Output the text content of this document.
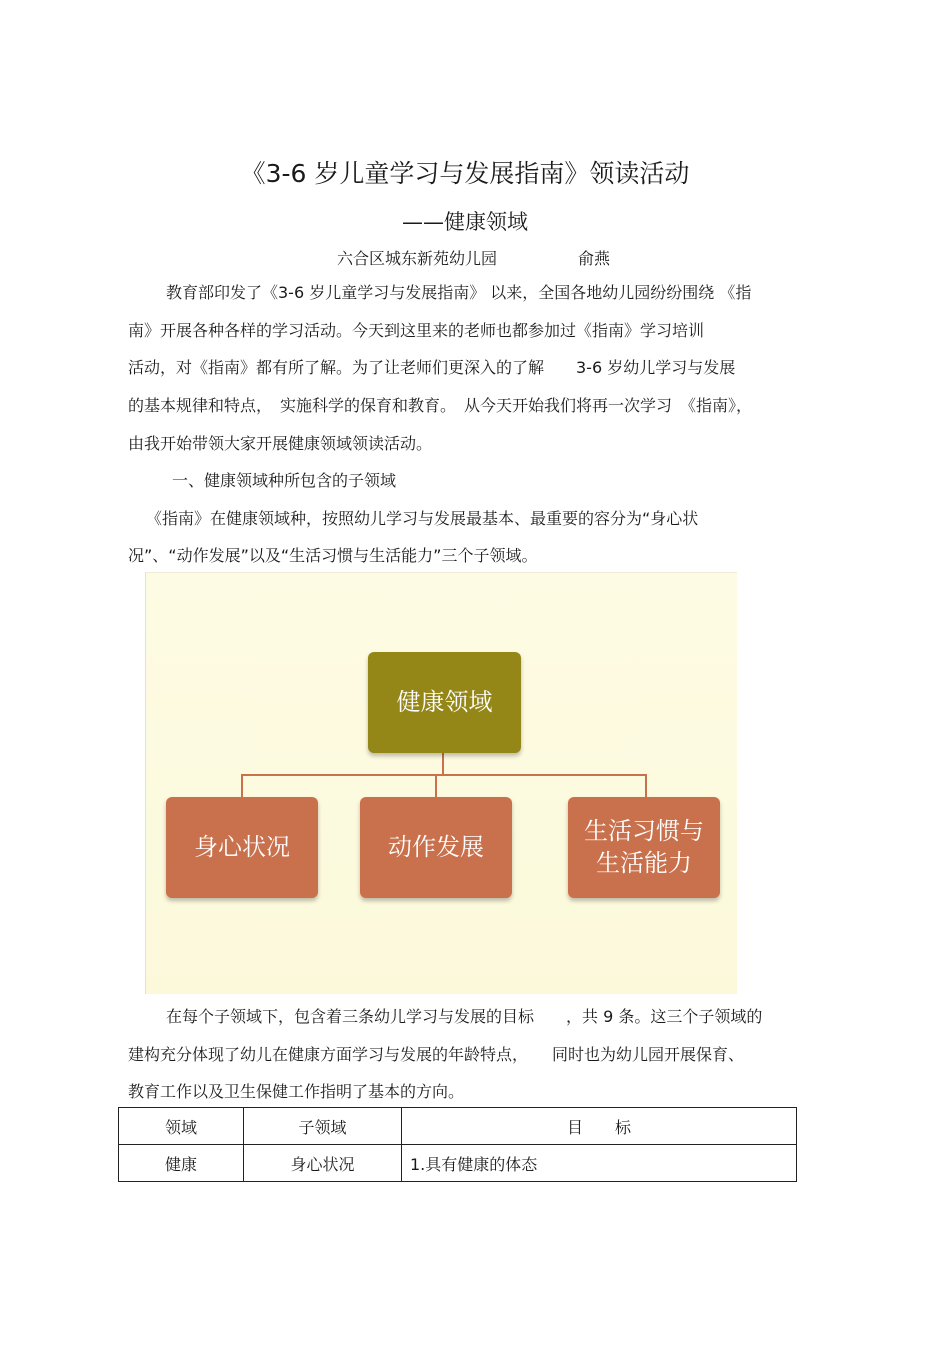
《3-6 岁儿童学习与发展指南》领读活动
——健康领域
六合区城东新苑幼儿园	俞燕
教育部印发了《3-6 岁儿童学习与发展指南》 以来，全国各地幼儿园纷纷围绕 《指
南》开展各种各样的学习活动。今天到这里来的老师也都参加过《指南》学习培训
活动，对《指南》都有所了解。为了让老师们更深入的了解　　3-6 岁幼儿学习与发展
的基本规律和特点，　实施科学的保育和教育。　从今天开始我们将再一次学习　《指南》，
由我开始带领大家开展健康领域领读活动。
一、健康领域种所包含的子领域
《指南》在健康领域种，按照幼儿学习与发展最基本、最重要的容分为“身心状
况”、“动作发展”以及“生活习惯与生活能力”三个子领域。
健康领域
身心状况	动作发展
生活习惯与
生活能力
在每个子领域下，包含着三条幼儿学习与发展的目标　　，共 9 条。这三个子领域的
建构充分体现了幼儿在健康方面学习与发展的年龄特点，　　同时也为幼儿园开展保育、
教育工作以及卫生保健工作指明了基本的方向。
领域	子领域	目　　标
健康	身心状况	1.具有健康的体态
